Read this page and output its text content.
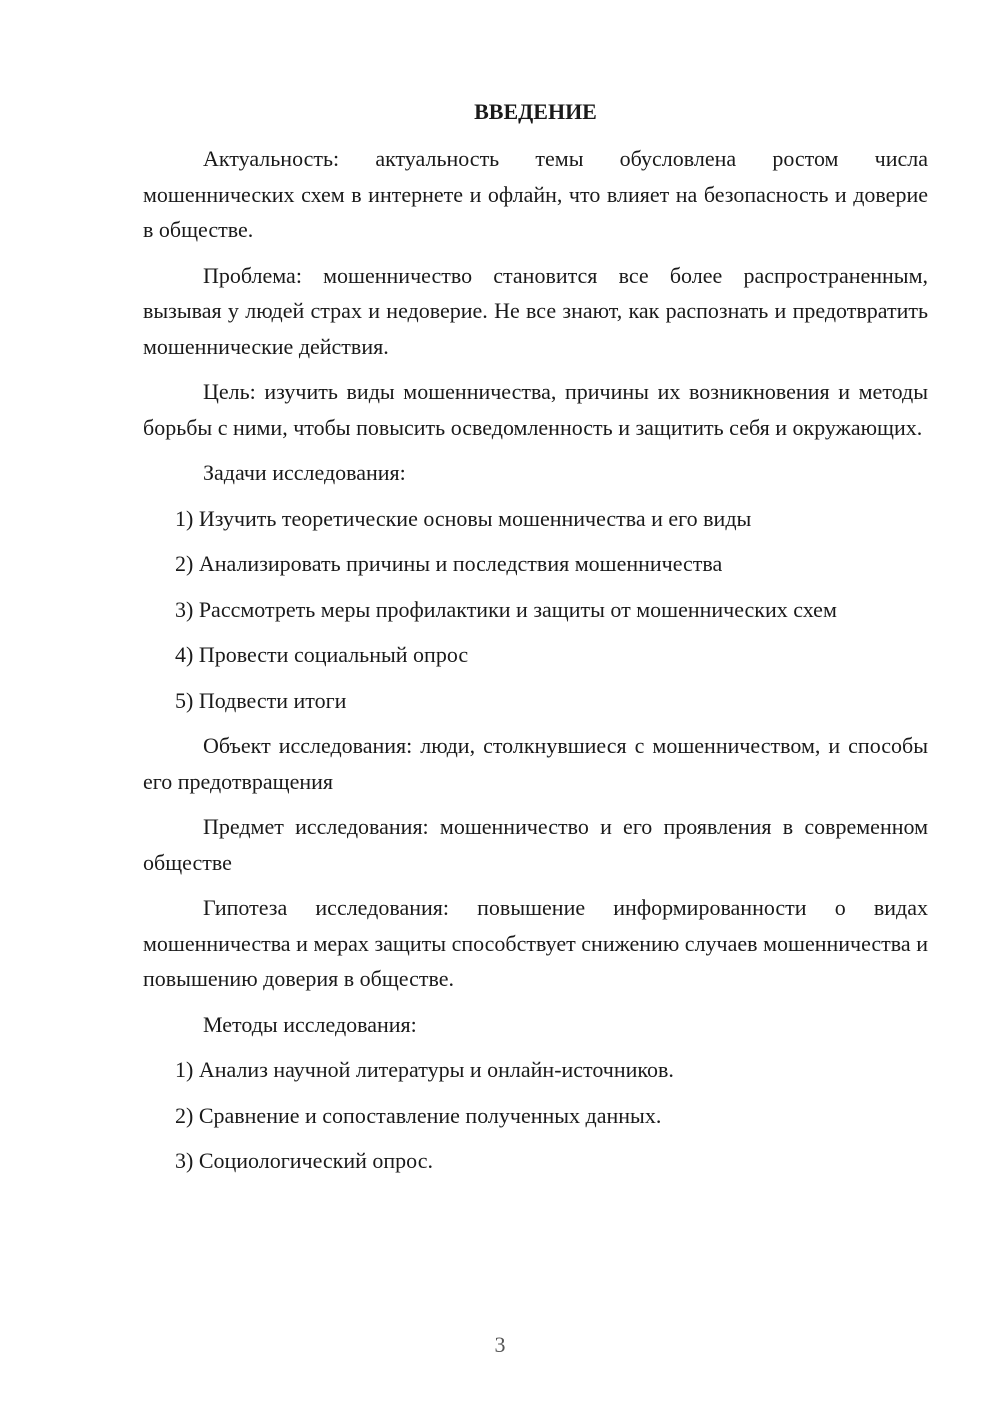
ВВЕДЕНИЕ

Актуальность: актуальность темы обусловлена ростом числа мошеннических схем в интернете и офлайн, что влияет на безопасность и доверие в обществе.

Проблема: мошенничество становится все более распространенным, вызывая у людей страх и недоверие. Не все знают, как распознать и предотвратить мошеннические действия.

Цель: изучить виды мошенничества, причины их возникновения и методы борьбы с ними, чтобы повысить осведомленность и защитить себя и окружающих.

Задачи исследования:

1) Изучить теоретические основы мошенничества и его виды

2) Анализировать причины и последствия мошенничества

3) Рассмотреть меры профилактики и защиты от мошеннических схем

4) Провести социальный опрос

5) Подвести итоги

Объект исследования: люди, столкнувшиеся с мошенничеством, и способы его предотвращения

Предмет исследования: мошенничество и его проявления в современном обществе

Гипотеза исследования: повышение информированности о видах мошенничества и мерах защиты способствует снижению случаев мошенничества и повышению доверия в обществе.

Методы исследования:

1) Анализ научной литературы и онлайн-источников.

2) Сравнение и сопоставление полученных данных.

3) Социологический опрос.

3
